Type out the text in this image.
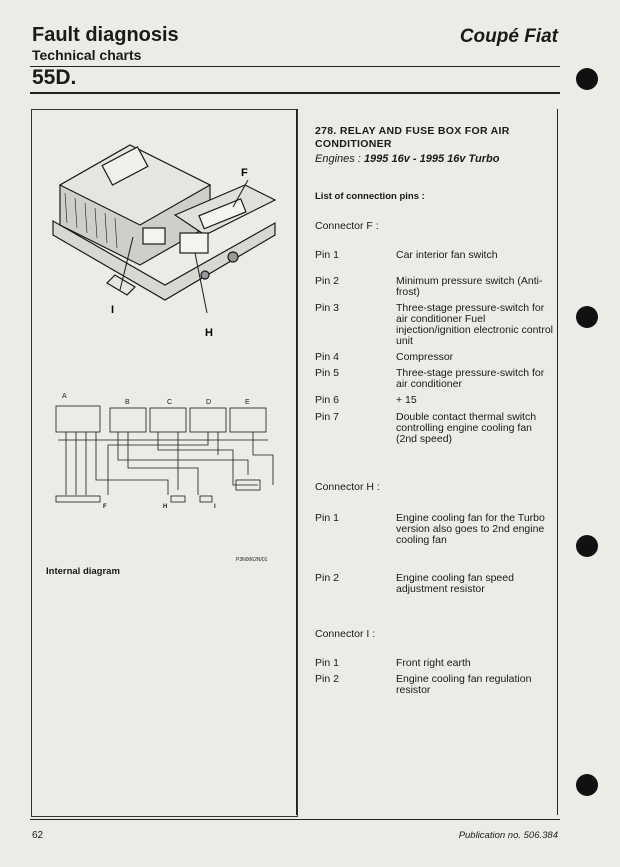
Fault diagnosis	Coupé Fiat
Technical charts
55D.
F
I
H
A
B	C	D	E
F	H	I
P3N0062N/01
Internal diagram
278. RELAY AND FUSE BOX FOR AIR CONDITIONER
Engines : 1995 16v - 1995 16v Turbo
List of connection pins :
Connector F :
Pin 1	Car interior fan switch
Pin 2	Minimum pressure switch (Anti-frost)
Pin 3	Three-stage pressure-switch for air conditioner Fuel injection/ignition electronic control unit
Pin 4	Compressor
Pin 5	Three-stage pressure-switch for air conditioner
Pin 6	+ 15
Pin 7	Double contact thermal switch controlling engine cooling fan (2nd speed)
Connector H :
Pin 1	Engine cooling fan for the Turbo version also goes to 2nd engine cooling fan
Pin 2	Engine cooling fan speed adjustment resistor
Connector I :
Pin 1	Front right earth
Pin 2	Engine cooling fan regulation resistor
62	Publication no. 506.384
